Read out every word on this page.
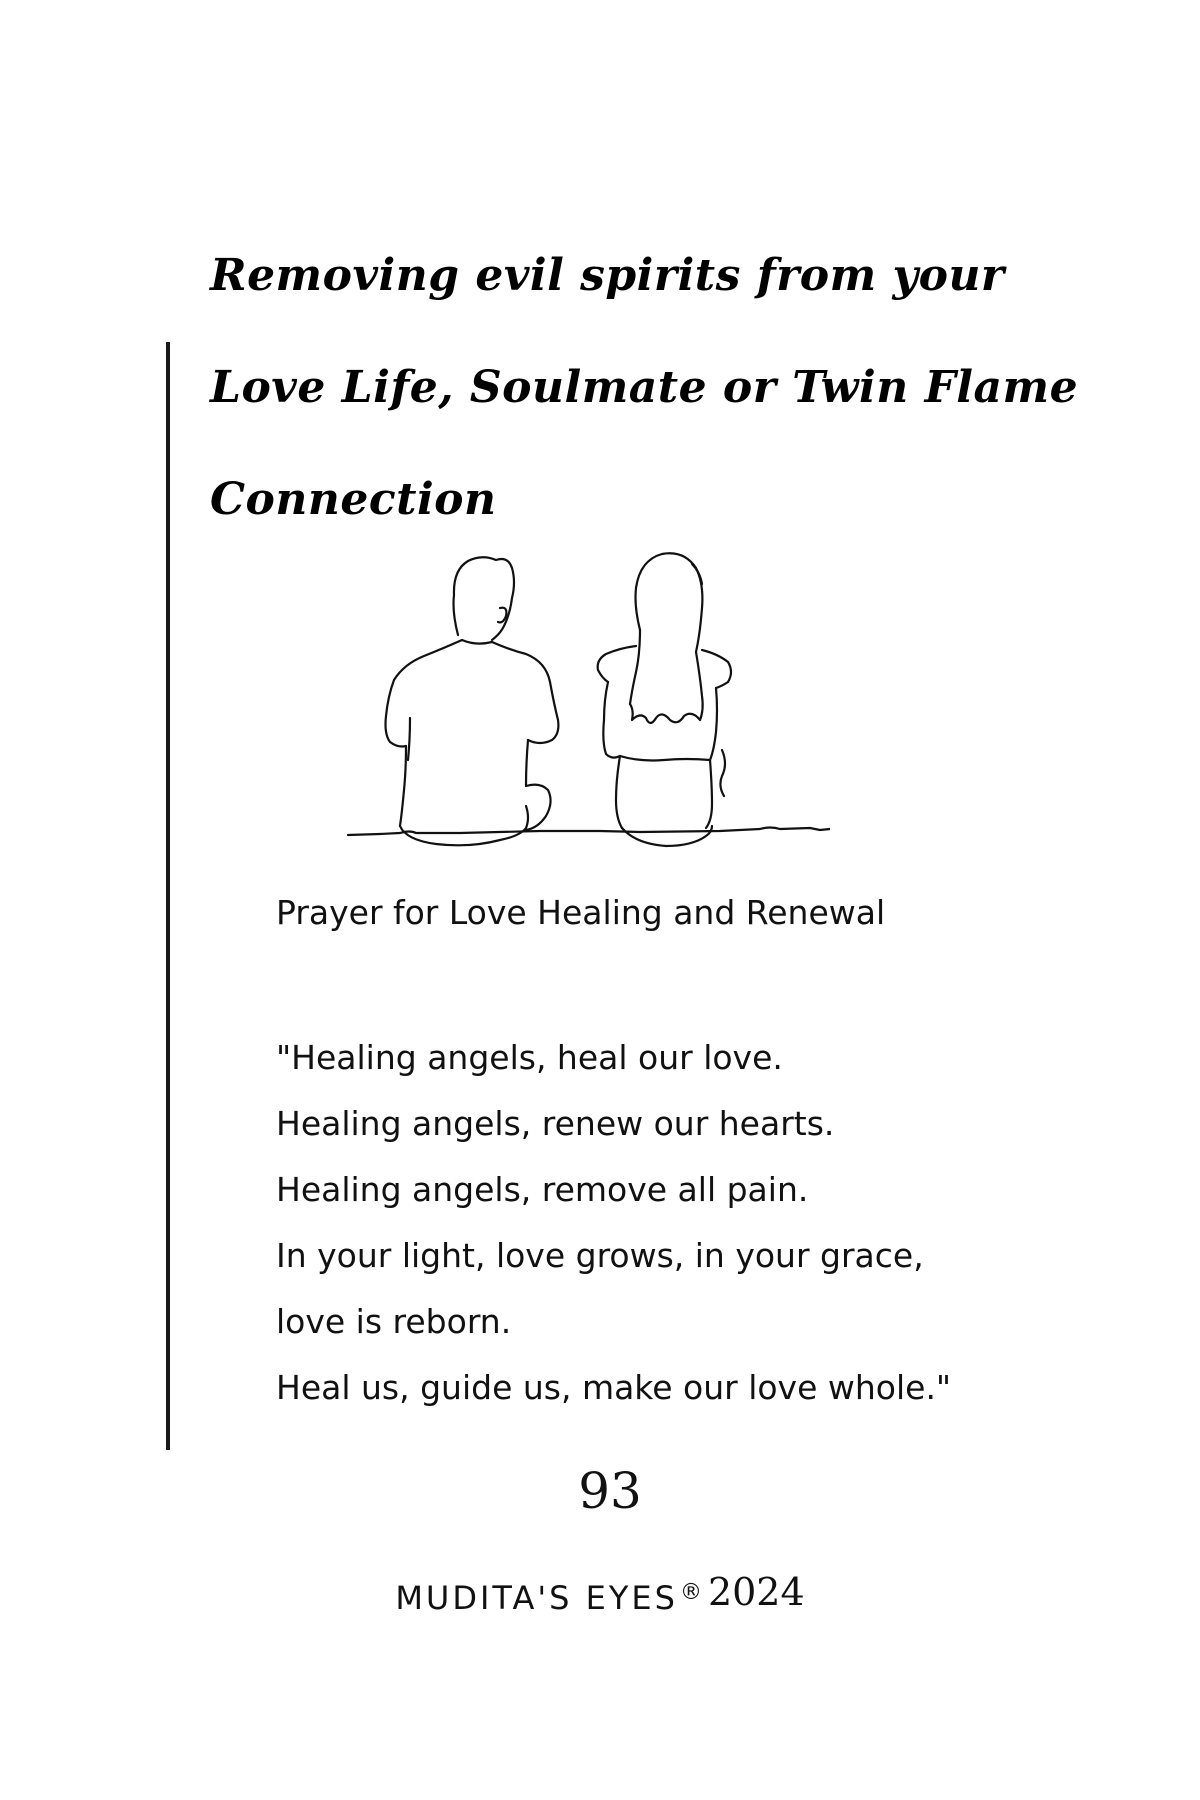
Removing evil spirits from your
Love Life, Soulmate or Twin Flame
Connection
Prayer for Love Healing and Renewal
"Healing angels, heal our love.
Healing angels, renew our hearts.
Healing angels, remove all pain.
In your light, love grows, in your grace,
love is reborn.
Heal us, guide us, make our love whole."
93
MUDITA'S EYES® 2024
